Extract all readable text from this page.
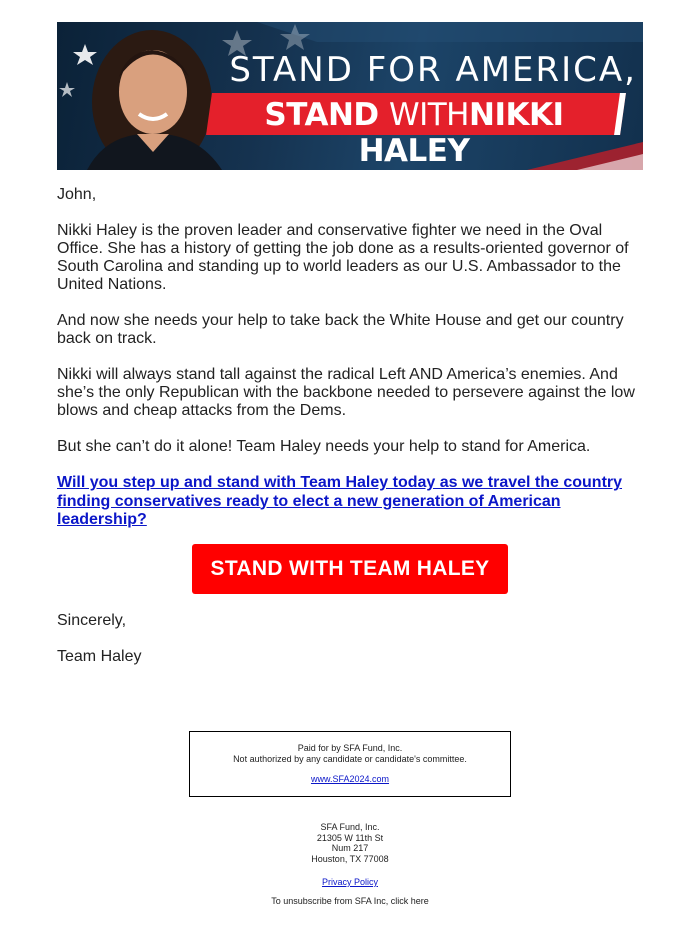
STAND FOR AMERICA,
STAND WITHNIKKI HALEY
John,
Nikki Haley is the proven leader and conservative fighter we need in the Oval Office. She has a history of getting the job done as a results-oriented governor of South Carolina and standing up to world leaders as our U.S. Ambassador to the United Nations.
And now she needs your help to take back the White House and get our country back on track.
Nikki will always stand tall against the radical Left AND America’s enemies. And she’s the only Republican with the backbone needed to persevere against the low blows and cheap attacks from the Dems.
But she can’t do it alone! Team Haley needs your help to stand for America.
Will you step up and stand with Team Haley today as we travel the country finding conservatives ready to elect a new generation of American leadership?
STAND WITH TEAM HALEY
Sincerely,
Team Haley
Paid for by SFA Fund, Inc.
Not authorized by any candidate or candidate's committee.
www.SFA2024.com
SFA Fund, Inc.
21305 W 11th St
Num 217
Houston, TX 77008
Privacy Policy
To unsubscribe from SFA Inc, click here
